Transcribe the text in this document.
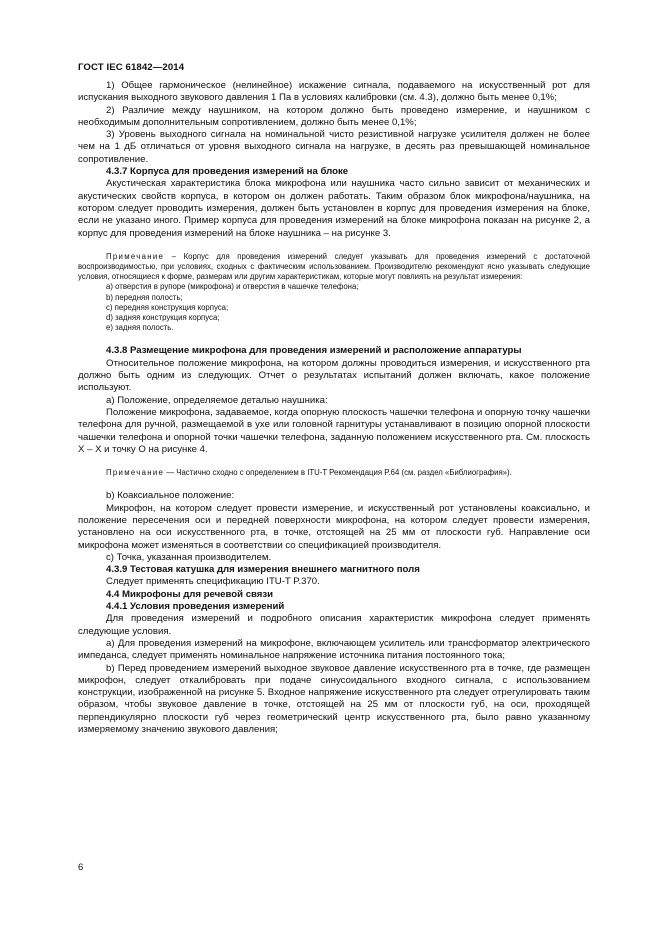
ГОСТ IEC 61842—2014

1) Общее гармоническое (нелинейное) искажение сигнала, подаваемого на искусственный рот для испускания выходного звукового давления 1 Па в условиях калибровки (см. 4.3), должно быть менее 0,1%;

2) Различие между наушником, на котором должно быть проведено измерение, и наушником с необходимым дополнительным сопротивлением, должно быть менее 0,1%;

3) Уровень выходного сигнала на номинальной чисто резистивной нагрузке усилителя должен не более чем на 1 дБ отличаться от уровня выходного сигнала на нагрузке, в десять раз превышающей номинальное сопротивление.

4.3.7 Корпуса для проведения измерений на блоке

Акустическая характеристика блока микрофона или наушника часто сильно зависит от механических и акустических свойств корпуса, в котором он должен работать. Таким образом блок микрофона/наушника, на котором следует проводить измерения, должен быть установлен в корпус для проведения измерения на блоке, если не указано иного. Пример корпуса для проведения измерений на блоке микрофона показан на рисунке 2, а корпус для проведения измерений на блоке наушника – на рисунке 3.

Примечание – Корпус для проведения измерений следует указывать для проведения измерений с достаточной воспроизводимостью, при условиях, сходных с фактическим использованием. Производителю рекомендуют ясно указывать следующие условия, относящиеся к форме, размерам или другим характеристикам, которые могут повлиять на результат измерения:

a) отверстия в рупоре (микрофона) и отверстия в чашечке телефона;

b) передняя полость;

c) передняя конструкция корпуса;

d) задняя конструкция корпуса;

e) задняя полость.

4.3.8 Размещение микрофона для проведения измерений и расположение аппаратуры

Относительное положение микрофона, на котором должны проводиться измерения, и искусственного рта должно быть одним из следующих. Отчет о результатах испытаний должен включать, какое положение используют.

а) Положение, определяемое деталью наушника:

Положение микрофона, задаваемое, когда опорную плоскость чашечки телефона и опорную точку чашечки телефона для ручной, размещаемой в ухе или головной гарнитуры устанавливают в позицию опорной плоскости чашечки телефона и опорной точки чашечки телефона, заданную положением искусственного рта. См. плоскость X – X и точку O на рисунке 4.

Примечание — Частично сходно с определением в ITU-T Рекомендация P.64 (см. раздел «Библиография»).

b) Коаксиальное положение:

Микрофон, на котором следует провести измерение, и искусственный рот установлены коаксиально, и положение пересечения оси и передней поверхности микрофона, на котором следует провести измерения, установлено на оси искусственного рта, в точке, отстоящей на 25 мм от плоскости губ. Направление оси микрофона может изменяться в соответствии со спецификацией производителя.

c) Точка, указанная производителем.

4.3.9 Тестовая катушка для измерения внешнего магнитного поля

Следует применять спецификацию ITU-T P.370.

4.4 Микрофоны для речевой связи

4.4.1 Условия проведения измерений

Для проведения измерений и подробного описания характеристик микрофона следует применять следующие условия.

a) Для проведения измерений на микрофоне, включающем усилитель или трансформатор электрического импеданса, следует применять номинальное напряжение источника питания постоянного тока;

b) Перед проведением измерений выходное звуковое давление искусственного рта в точке, где размещен микрофон, следует откалибровать при подаче синусоидального входного сигнала, с использованием конструкции, изображенной на рисунке 5. Входное напряжение искусственного рта следует отрегулировать таким образом, чтобы звуковое давление в точке, отстоящей на 25 мм от плоскости губ, на оси, проходящей перпендикулярно плоскости губ через геометрический центр искусственного рта, было равно указанному измеряемому значению звукового давления;

6
